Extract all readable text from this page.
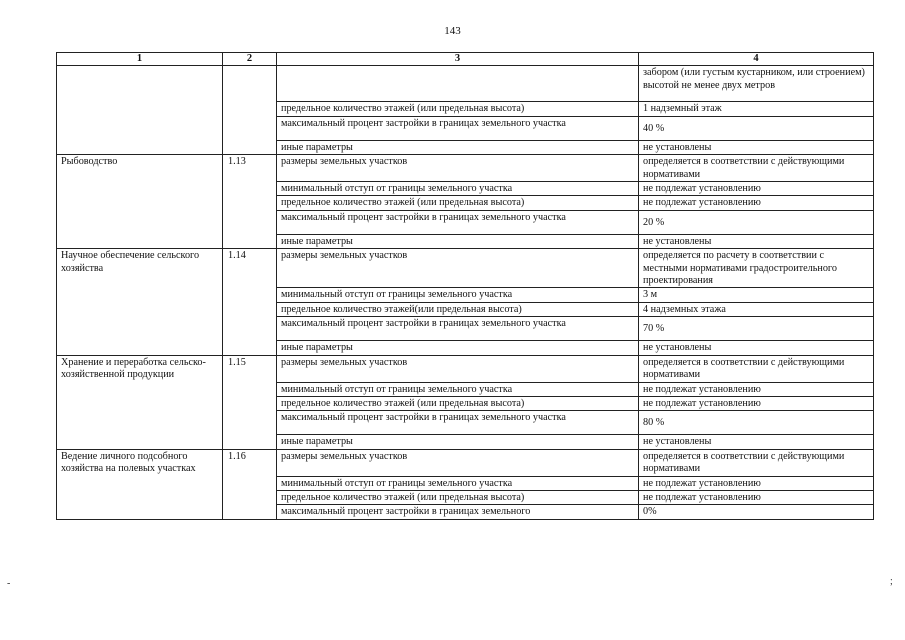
143
-	;
1	2	3	4
			забором (или густым кустарником, или строением) высотой не менее двух метров
		предельное количество этажей (или предельная высота)	1 надземный этаж
		максимальный процент застройки в границах земельного участка	40 %
		иные параметры	не установлены
Рыбоводство	1.13	размеры земельных участков	определяется в соответствии с действующими нормативами
		минимальный отступ от границы земельного участка	не подлежат установлению
		предельное количество этажей (или предельная высота)	не подлежат установлению
		максимальный процент застройки в границах земельного участка	20 %
		иные параметры	не установлены
Научное обеспечение сельского хозяйства	1.14	размеры земельных участков	определяется по расчету в соответствии с местными нормативами градостроительного проектирования
		минимальный отступ от границы земельного участка	3 м
		предельное количество этажей(или предельная высота)	4 надземных этажа
		максимальный процент застройки в границах земельного участка	70 %
		иные параметры	не установлены
Хранение и переработка сельско-хозяйственной продукции	1.15	размеры земельных участков	определяется в соответствии с действующими нормативами
		минимальный отступ от границы земельного участка	не подлежат установлению
		предельное количество этажей (или предельная высота)	не подлежат установлению
		максимальный процент застройки в границах земельного участка	80 %
		иные параметры	не установлены
Ведение личного подсобного хозяйства на полевых участках	1.16	размеры земельных участков	определяется в соответствии с действующими нормативами
		минимальный отступ от границы земельного участка	не подлежат установлению
		предельное количество этажей (или предельная высота)	не подлежат установлению
		максимальный процент застройки в границах земельного	0%
